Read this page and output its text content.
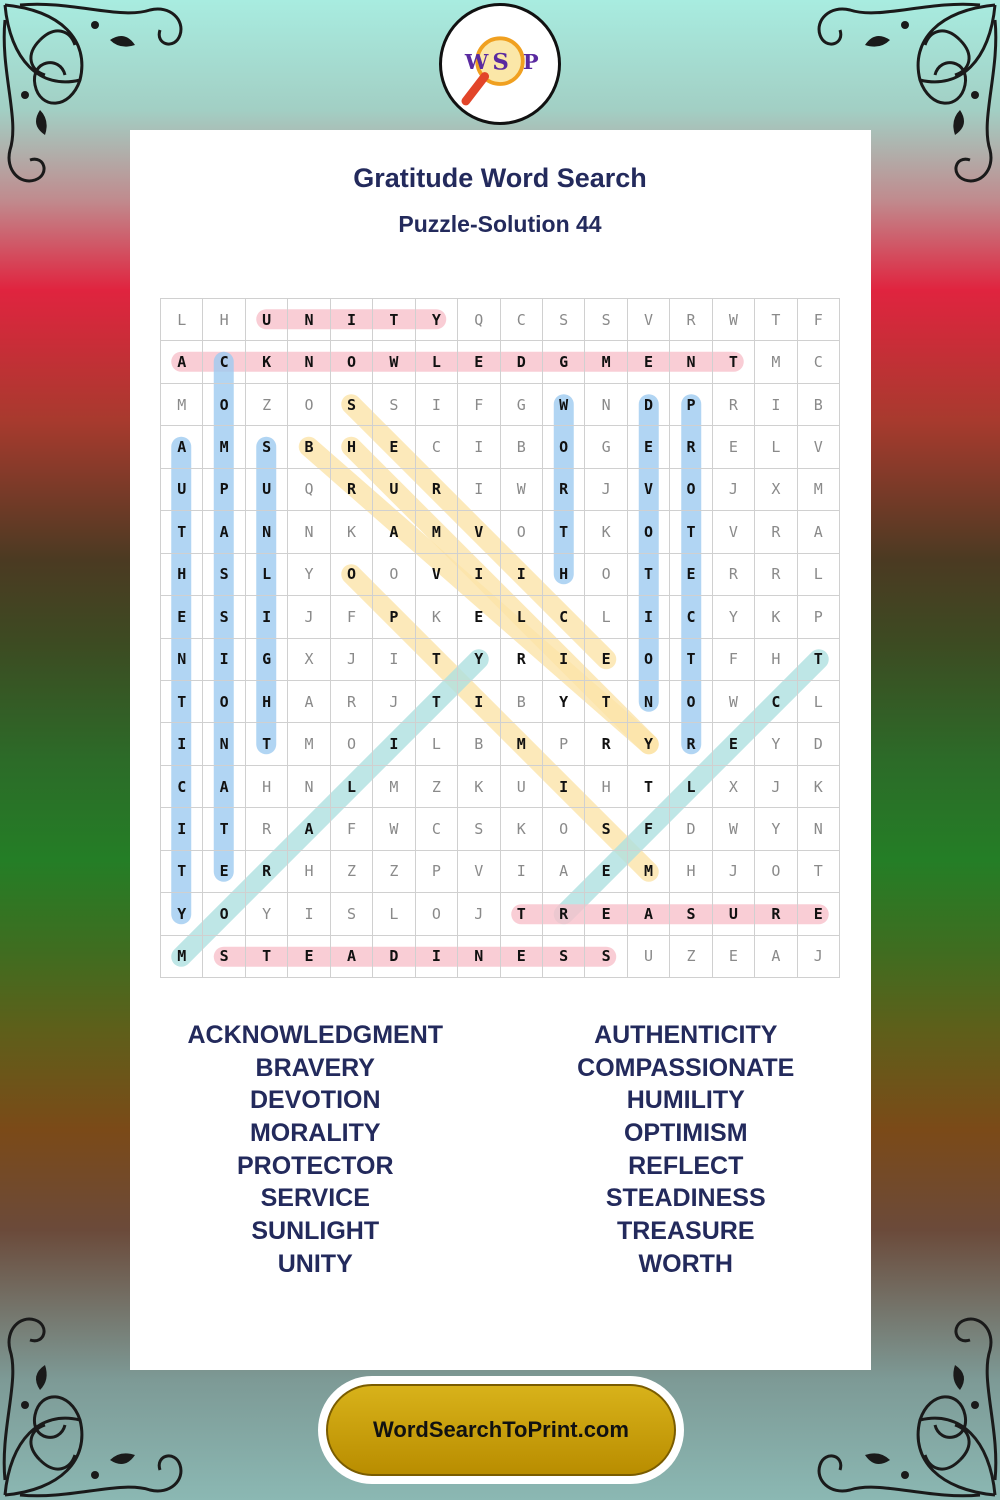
W S P
Gratitude Word Search
Puzzle-Solution 44
L	H	U	N	I	T	Y	Q	C	S	S	V	R	W	T	F
A	C	K	N	O	W	L	E	D	G	M	E	N	T	M	C
M	O	Z	O	S	S	I	F	G	W	N	D	P	R	I	B
A	M	S	B	H	E	C	I	B	O	G	E	R	E	L	V
U	P	U	Q	R	U	R	I	W	R	J	V	O	J	X	M
T	A	N	N	K	A	M	V	O	T	K	O	T	V	R	A
H	S	L	Y	O	O	V	I	I	H	O	T	E	R	R	L
E	S	I	J	F	P	K	E	L	C	L	I	C	Y	K	P
N	I	G	X	J	I	T	Y	R	I	E	O	T	F	H	T
T	O	H	A	R	J	T	I	B	Y	T	N	O	W	C	L
I	N	T	M	O	I	L	B	M	P	R	Y	R	E	Y	D
C	A	H	N	L	M	Z	K	U	I	H	T	L	X	J	K
I	T	R	A	F	W	C	S	K	O	S	F	D	W	Y	N
T	E	R	H	Z	Z	P	V	I	A	E	M	H	J	O	T
Y	O	Y	I	S	L	O	J	T	R	E	A	S	U	R	E
M	S	T	E	A	D	I	N	E	S	S	U	Z	E	A	J
ACKNOWLEDGMENT
BRAVERY
DEVOTION
MORALITY
PROTECTOR
SERVICE
SUNLIGHT
UNITY
AUTHENTICITY
COMPASSIONATE
HUMILITY
OPTIMISM
REFLECT
STEADINESS
TREASURE
WORTH
WordSearchToPrint.com
